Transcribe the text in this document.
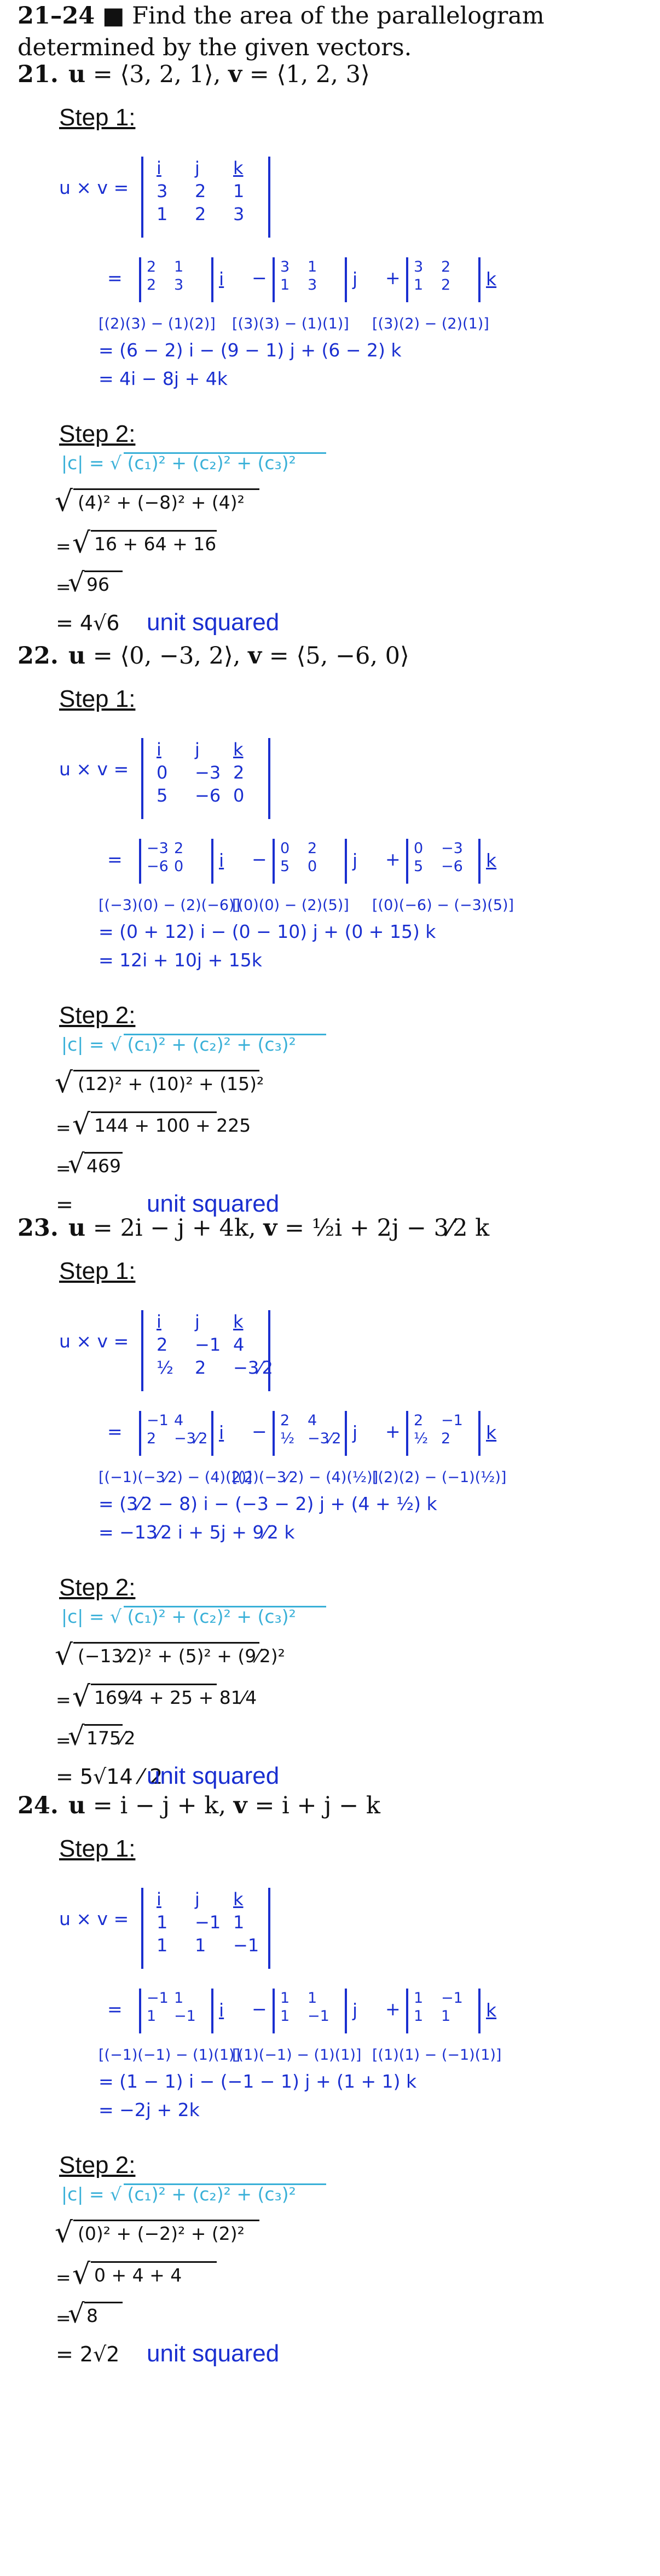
21–24 ■ Find the area of the parallelogram determined by the given vectors.
21. u = ⟨3, 2, 1⟩, v = ⟨1, 2, 3⟩
Step 1:
u × v =
i	j	k
3	2	1
1	2	3
=
2	1
2	3	i −
3	1
1	3	j +
3	2
1	2	k
[(2)(3) − (1)(2)] [(3)(3) − (1)(1)] [(3)(2) − (2)(1)]
= (6 − 2) i − (9 − 1) j + (6 − 2) k
= 4i − 8j + 4k
Step 2:
|c| = √ (c₁)² + (c₂)² + (c₃)²
√ (4)² + (−8)² + (4)²
= √ 16 + 64 + 16
=
√ 96
= 4√6 unit squared
22. u = ⟨0, −3, 2⟩, v = ⟨5, −6, 0⟩
Step 1:
u × v =
i	j	k
0	−3 2
5	−6 0
=
−3 2
−6 0	i −
0	2
5	0	j +
0	−3
5	−6	k
[(−3)(0) − (2)(−6)]
[(0)(0) − (2)(5)] [(0)(−6) − (−3)(5)]
= (0 + 12) i − (0 − 10) j + (0 + 15) k
= 12i + 10j + 15k
Step 2:
|c| = √ (c₁)² + (c₂)² + (c₃)²
√ (12)² + (10)² + (15)²
= √ 144 + 100 + 225
=
√ 469
=	unit squared
23. u = 2i − j + 4k, v = ½i + 2j − 3⁄2 k
Step 1:
u × v =
i	j	k
2	−1 4
½	2	−3⁄2
=
−1 4
2	−3⁄2 i −
2	4
½ −3⁄2 j +
2	−1
½ 2	k
[(−1)(−3⁄2) − (4)(2)]
[(2)(−3⁄2) − (4)(½)]
[(2)(2) − (−1)(½)]
= (3⁄2 − 8) i − (−3 − 2) j + (4 + ½) k
= −13⁄2 i + 5j + 9⁄2 k
Step 2:
|c| = √ (c₁)² + (c₂)² + (c₃)²
√ (−13⁄2)² + (5)² + (9⁄2)²
= √ 169⁄4 + 25 + 81⁄4
=
√ 175⁄2
= 5√14 ⁄ 2
unit squared
24. u = i − j + k, v = i + j − k
Step 1:
u × v =
i	j	k
1	−1 1
1	1	−1
=
−1 1
1	−1	i −
1	1
1	−1	j +
1	−1
1	1	k
[(−1)(−1) − (1)(1)]
[(1)(−1) − (1)(1)] [(1)(1) − (−1)(1)]
= (1 − 1) i − (−1 − 1) j + (1 + 1) k
= −2j + 2k
Step 2:
|c| = √ (c₁)² + (c₂)² + (c₃)²
√ (0)² + (−2)² + (2)²
= √ 0 + 4 + 4
=
√ 8
= 2√2 unit squared
